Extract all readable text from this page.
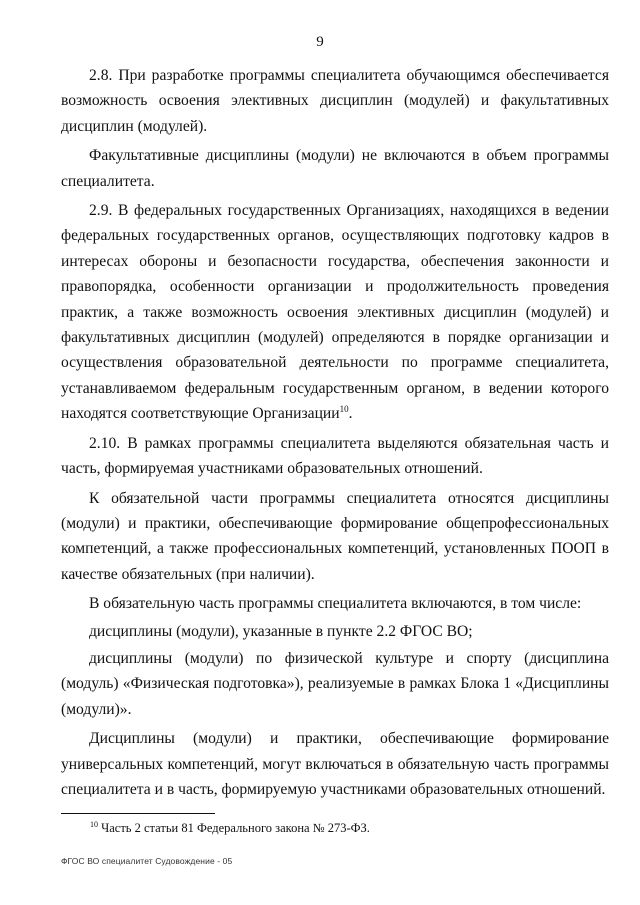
9

2.8. При разработке программы специалитета обучающимся обеспечивается возможность освоения элективных дисциплин (модулей) и факультативных дисциплин (модулей).

Факультативные дисциплины (модули) не включаются в объем программы специалитета.

2.9. В федеральных государственных Организациях, находящихся в ведении федеральных государственных органов, осуществляющих подготовку кадров в интересах обороны и безопасности государства, обеспечения законности и правопорядка, особенности организации и продолжительность проведения практик, а также возможность освоения элективных дисциплин (модулей) и факультативных дисциплин (модулей) определяются в порядке организации и осуществления образовательной деятельности по программе специалитета, устанавливаемом федеральным государственным органом, в ведении которого находятся соответствующие Организации$^{10}$.

2.10. В рамках программы специалитета выделяются обязательная часть и часть, формируемая участниками образовательных отношений.

К обязательной части программы специалитета относятся дисциплины (модули) и практики, обеспечивающие формирование общепрофессиональных компетенций, а также профессиональных компетенций, установленных ПООП в качестве обязательных (при наличии).

В обязательную часть программы специалитета включаются, в том числе:

дисциплины (модули), указанные в пункте 2.2 ФГОС ВО;

дисциплины (модули) по физической культуре и спорту (дисциплина (модуль) «Физическая подготовка»), реализуемые в рамках Блока 1 «Дисциплины (модули)».

Дисциплины (модули) и практики, обеспечивающие формирование универсальных компетенций, могут включаться в обязательную часть программы специалитета и в часть, формируемую участниками образовательных отношений.

$^{10}$ Часть 2 статьи 81 Федерального закона № 273-ФЗ.
ФГОС ВО специалитет Судовождение - 05
